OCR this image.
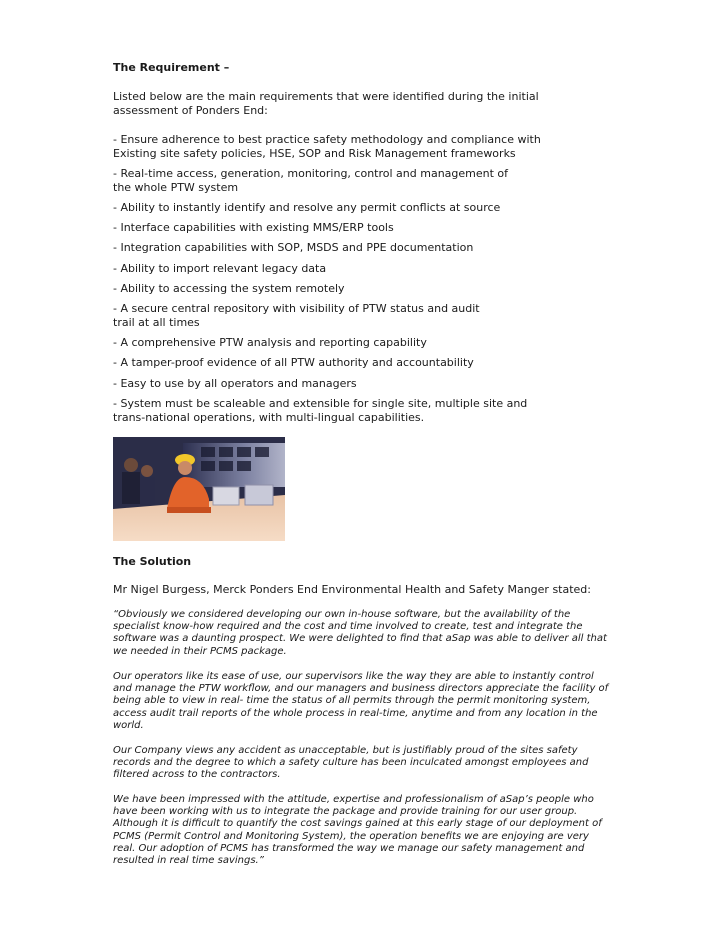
The Requirement –
Listed below are the main requirements that were identified during the initial
assessment of Ponders End:
- Ensure adherence to best practice safety methodology and compliance with
Existing site safety policies, HSE, SOP and Risk Management frameworks
- Real-time access, generation, monitoring, control and management of
the whole PTW system
- Ability to instantly identify and resolve any permit conflicts at source
- Interface capabilities with existing MMS/ERP tools
- Integration capabilities with SOP, MSDS and PPE documentation
- Ability to import relevant legacy data
- Ability to accessing the system remotely
- A secure central repository with visibility of PTW status and audit
trail at all times
- A comprehensive PTW analysis and reporting capability
- A tamper-proof evidence of all PTW authority and accountability
- Easy to use by all operators and managers
- System must be scaleable and extensible for single site, multiple site and
trans-national operations, with multi-lingual capabilities.
The Solution
Mr Nigel Burgess, Merck Ponders End Environmental Health and Safety Manger stated:
“Obviously we considered developing our own in-house software, but the availability of the
specialist know-how required and the cost and time involved to create, test and integrate the
software was a daunting prospect. We were delighted to find that aSap was able to deliver all that
we needed in their PCMS package.
Our operators like its ease of use, our supervisors like the way they are able to instantly control
and manage the PTW workflow, and our managers and business directors appreciate the facility of
being able to view in real- time the status of all permits through the permit monitoring system,
access audit trail reports of the whole process in real-time, anytime and from any location in the
world.
Our Company views any accident as unacceptable, but is justifiably proud of the sites safety
records and the degree to which a safety culture has been inculcated amongst employees and
filtered across to the contractors.
We have been impressed with the attitude, expertise and professionalism of aSap’s people who
have been working with us to integrate the package and provide training for our user group.
Although it is difficult to quantify the cost savings gained at this early stage of our deployment of
PCMS (Permit Control and Monitoring System), the operation benefits we are enjoying are very
real. Our adoption of PCMS has transformed the way we manage our safety management and
resulted in real time savings.”
